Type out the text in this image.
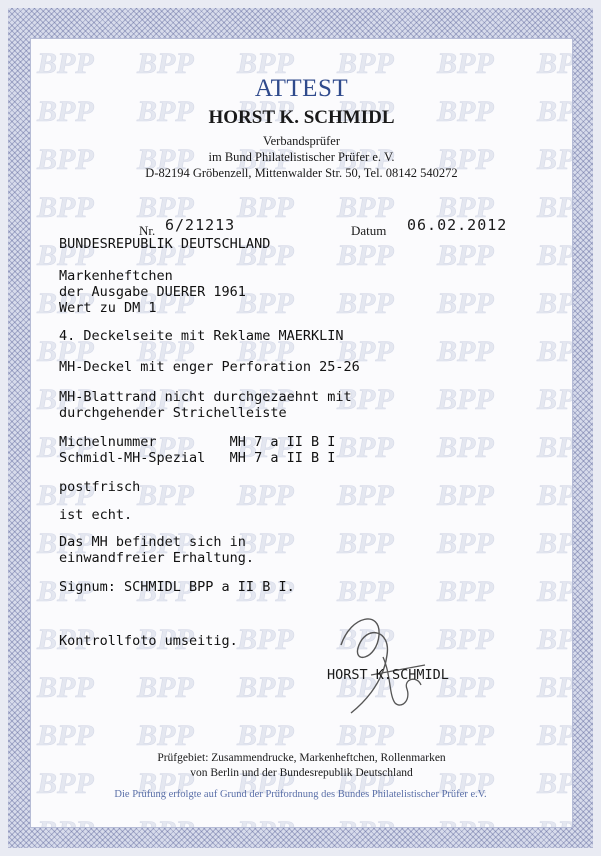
ATTEST
HORST K. SCHMIDL
Verbandsprüfer
im Bund Philatelistischer Prüfer e. V.
D-82194 Gröbenzell, Mittenwalder Str. 50, Tel. 08142 540272
Nr. 6/21213	Datum 06.02.2012
BUNDESREPUBLIK DEUTSCHLAND
Markenheftchen
der Ausgabe DUERER 1961
Wert zu DM 1
4. Deckelseite mit Reklame MAERKLIN
MH-Deckel mit enger Perforation 25-26
MH-Blattrand nicht durchgezaehnt mit
durchgehender Strichelleiste
Michelnummer         MH 7 a II B I
Schmidl-MH-Spezial   MH 7 a II B I
postfrisch
ist echt.
Das MH befindet sich in
einwandfreier Erhaltung.
Signum: SCHMIDL BPP a II B I.
Kontrollfoto umseitig.
HORST K.SCHMIDL
Prüfgebiet: Zusammendrucke, Markenheftchen, Rollenmarken
von Berlin und der Bundesrepublik Deutschland
Die Prüfung erfolgte auf Grund der Prüfordnung des Bundes Philatelistischer Prüfer e.V.
